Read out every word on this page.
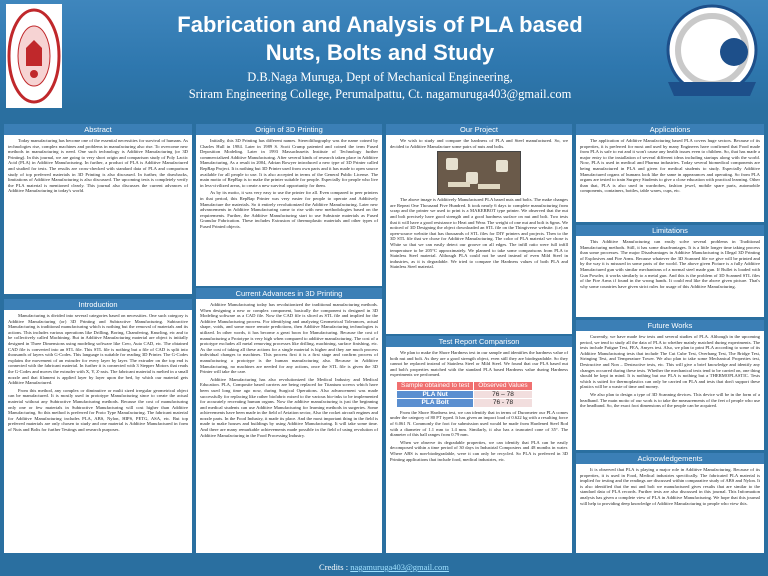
Fabrication and Analysis of PLA based
Nuts, Bolts and Study
D.B.Naga Muruga, Dept of Mechanical Engineering,
Sriram Engineering College, Perumalpattu, Ct. nagamuruga403@gmail.com
Abstract

Today manufacturing has become one of the essential necessities for survival of humans. As technologies rise, complex machines and problems in manufacturing also rise. To overcome new methods in manufacturing is need. One such technology is Additive Manufacturing (or 3D Printing). In this journal, we are going to very short origin and comparison study of Poly Lactic Acid (PLA) in Additive Manufacturing. In further, a product of PLA is Additive Manufactured and studied for tests. The results are cross-checked with standard data of PLA and comparison study of top preferred materials in 3D Printing is also discussed. In further, the drawbacks, limitations of Additive Manufacturing is also discussed. The upcoming tests is completely verify the PLA material is mentioned clearly. This journal also discusses the current advances of Additive Manufacturing in today's world.

Introduction

Manufacturing is divided into several categories based on necessities. One such category is Additive Manufacturing (or) 3D Printing and Subtractive Manufacturing. Subtractive Manufacturing is traditional manufacturing which is nothing but the removal of materials and its actions. This includes various operations like Drilling, Boring, Chamfering, Knurling, etc and to be collectively called Machining. But in Additive Manufacturing material are object is initially designed in Three Dimensions using modeling software like Creo, Auto CAD, etc. The obtained CAD file is converted into an STL file. This STL file is nothing but a file of CAD is split into thousands of layers with G-Codes. This language is suitable for reading 3D Printer. The G-Codes explains the movement of an extruder for every layer by layer. The extruder on the top end is connected with the fabricant material. In further it is connected with 3 Stepper Motors that reads the G-Codes and moves the extruder with X, Y, Z-axis. The fabricant material is melted in a small nozzle and that filament is applied layer by layer upon the bed, by which our material gets Additive Manufactured.

From this method, any complex or diminutive or multi sized irregular geometrical object can be manufactured. It is mostly used in prototype Manufacturing since to create the actual material without any Subtractive Manufacturing methods. Because the cost of manufacturing only one or few materials in Subtractive Manufacturing will cost higher than Additive Manufacturing. So this method is preferred for Proto Type Manufacturing. The fabricant material for Additive Manufacturing includes PLA, ABS, Nylon, HIPS, PETG, ASA, etc. But top preferred materials are only chosen to study and one material is Additive Manufactured in form of Nuts and Bolts for further Testings and research purposes.

Origin of 3D Printing

Initially, this 3D Printing has different names. Stereolithography was the name coined by Charles Hull in 1984. Later in 1989 S. Scott Crump patented and coined the term Fused Deposition Modeling. Later in 1993 Massachusetts Institute of Technology further commercialized Additive Manufacturing. After several kinds of research taken place in Additive Manufacturing, As a result in 2004, Adrian Bowyer introduced a new type of 3D Printer called RepRap Project. It is nothing but 3D Printer used from own parts and it has made to open source available for all people to use. It is also accepted in terms of the General Public License. The main motto of RepRap is to make the printer suitable for people. Especially for people who live in less-civilized areas, to create a new survival opportunity for them.

As by its motto, it was very easy to use the printer for all. Even compared to peer printers in that period, this RepRap Printer was very easier for people to operate and Additively Manufacture the materials. So it entirely revolutionized the Additive Manufacturing. Later new advancements in Additive Manufacturing came to rise with new methodologies based on the requirements. Further, the Additive Manufacturing start to use Substrate materials as Fused Granular Fabrication. These includes Extrusion of thermoplastic materials and other types of Fused Printed objects.

Current Advances in 3D Printing

Additive Manufacturing today has revolutionized the traditional manufacturing methods. When designing a new or complex component, basically the component is designed in 3D Modeling software as a CAD file. Now the CAD file is sliced as STL file and implied for the Additive Manufacturing process. For identifying and analyzing Geometrical Tolerances, actual shape, voids, and some more remote predictions, then Additive Manufacturing technologies is utilized. In other words, it has become a great boon for Manufacturing. Because the cost of manufacturing a Prototype is very high when compared to additive manufacturing. The cost of a prototype excludes all metal removing processes like drilling, machining, surface finishing, etc. As the cost of taking all these actions for a single material is higher and they are much process individual changes to machines. This process first it is a first stage and confirm process of manufacturing a prototype is the human manufacturing also. Because in Additive Manufacturing, no machines are needed for any actions, once the STL file is given the 3D Printer will take the care.

Additive Manufacturing has also revolutionized the Medical Industry and Medical Education. PLA, Composite based carriers are being replaced for Titanium screws which have been used long time ago now, during Surgical Operations. Also advancement was made successfully for replacing like rather biofabric mixed to the various bio-inks to be implemented for accurately recreating human organs. Now the additive manufacturing is just the beginning and medical students can use Additive Manufacturing for learning methods in surgeries. Some achievements have been made in the field of Aviation sector, Also the rocket aircraft engines and nozzle parts. In the Food Industry, it made its place. And the most important thing in the field is made to make houses and buildings by using Additive Manufacturing. It will take some time. And there are many remarkable achievements made possible in the field of using revolution of Additive Manufacturing in the Food Processing Industry.

Our Project

We wish to study and compare the hardness of PLA and Steel manufactured. So, we decided to Additive Manufacture some pairs of nuts and bolts.

The above image is Additively Manufactured PLA based nuts and bolts. The make changes are Repeat One Thousand Five Hundred. It took nearly 6 days to complete manufacturing from scrap and the printer we used to print is a MAKERBOT type printer. We observed that the nut and bolt precisely have good strength and a good hardness surface on nut and bolt. Two tests that it will have a good resistance to Heat and Wear. The weight of one nut and bolt is 6gms. We noticed of 3D Designing the object downloaded an STL file on the Thingiverse website. (i.e) an open-source website that has thousands of STL files for DIY printers and projects. Then to the 3D STL file that we chose for Additive Manufacturing. The color of PLA material we chose is White so that we can easily detect our groove on all edges. The infill ratio were full infill temperature to be 205°C approximately. We planned to take some comparisons from PLA to Stainless Steel material. Although PLA could not be used instead of even Mild Steel in industries, as it is degradable. We tried to compare the Hardness values of both PLA and Stainless Steel material.

Test Report Comparison

We plan to make the Shore Hardness test in our sample and identifies the hardness value of both nut and bolt. As they are a good strength object, even still they are biodegradable. So they cannot be replaced instead of Stainless Steel or Mild Steel. We found that our PLA based nut and bolt's properties matched with the standard PLA based Hardness value during Hardness experiments we performed.

Sample obtained to test	Observed Values
PLA Nut	76 – 78
PLA Bolt	76 - 78

From the Shore Hardness test, we can identify that in terms of Durometer our PLA comes under the category of 80 PT typed. It has given an impact load of 0.622 kg with a resulting force of 6.061 N. Commonly the foot for submission used would be made from Hardened Steel Rod with a diameter of 1.1 mm to 1.4 mm. Similarly, it also has a truncated cone of 35°. The diameter of this ball ranges from 0.79 mm.

When we observe its degradable properties, we can identify that PLA can be easily decomposed within a time period of 30 days in Industrial Composters and 48 months in water. Where ABS is non-biodegradable, were it can only be recycled. So PLA is preferred in 3D Printing applications that include food, medical industries, etc.

Applications

The application of Additive Manufacturing based PLA covers huge sectors. Because of its properties, it is preferred for most and used by many Engineers have confirmed that Food made from PLA is safe to eat and it won't cause any health issues even to children. So, that has made a major entry to the installation of several different ideas including startups along with the world. Now, PLA is used in medical and Pharma industries. Today several biomedical components are being manufactured in PLA and given for medical students to study. Especially Additive Manufactured organs of humans look like the same in appearances and operating. So from PLA organs are tested to train Surgery Students to give a close education with practical learning. Other than that, PLA is also used in wardrobes, fashion jewel, mobile spare parts, automobile components, containers, bottles, table wares, cups, etc.

Limitations

This Additive Manufacturing can easily solve several problems in Traditional Manufacturing methods. Still, it has some disadvantages. It is a little longer time taking process than some processes. The major Disadvantages in Additive Manufacturing is Illegal 3D Printing of Explosives and Fire Arms. Because whatever the 3D Scanned file we give will be printed and by the way it is misused in some parts of the world. The above given Picture is a fully Additive Manufactured gun with similar mechanisms of a normal steel made gun. If Bullet is loaded with Gun Powder, it works similarly to a metal gun. And this is the problem of 3D Scanned STL files of the Fire Arms if found in the wrong hands. It could end like the above given picture. That's why some countries have given strict rules for usage of this Additive Manufacturing.

Future Works

Currently, we have made few tests and several studies of PLA. Although in the upcoming period, we tend to study all the data of PLA to whether mainly matched during experiments. The tests include Fatigue Test, FEA, Amyes test. Also, we plan to print PLA according to some of its Additive Manufacturing tests that include The Cut Cube Test, Overhang Test, The Bridge Test, Stringing Test, and Temperature Tower. We also plan to take some Mechanical Properties test, Destructive and Non – Destructive tests, etc. This will give a brief knowledge and identify any changes occurred during these tests. Whether the mechanical tests tend to be carried on, one thing should be kept in mind. It is nothing but our PLA is nothing but a THERMOPLASTIC. Tests which is suited for thermoplastics can only be carried on PLA and tests that don't support these plastics will be a waste of time and money.

We also plan to design a type of 3D Scanning devices. This device will be in the form of a headband. The main motto of our work is to take the measurements of the feet of people who use the headband. So, the exact foot dimensions of the people can be acquired.

Acknowledgements

It is observed that PLA is playing a major role in Additive Manufacturing. Because of its properties, it is used in Food, Medical industries specifically. The fabricated PLA material is implied for testing and the readings are discussed within comparative study of ABS and Nylon. It is also identified that the nut and bolt we manufactured gives results that are similar to the standard data of PLA records. Further tests are also discussed in this journal. This Information analysis has given a complete view of PLA in Additive Manufacturing. We hope that this journal will help to providing deep knowledge of Additive Manufacturing to people who view this.

Credits : nagamuruga403@gmail.com
